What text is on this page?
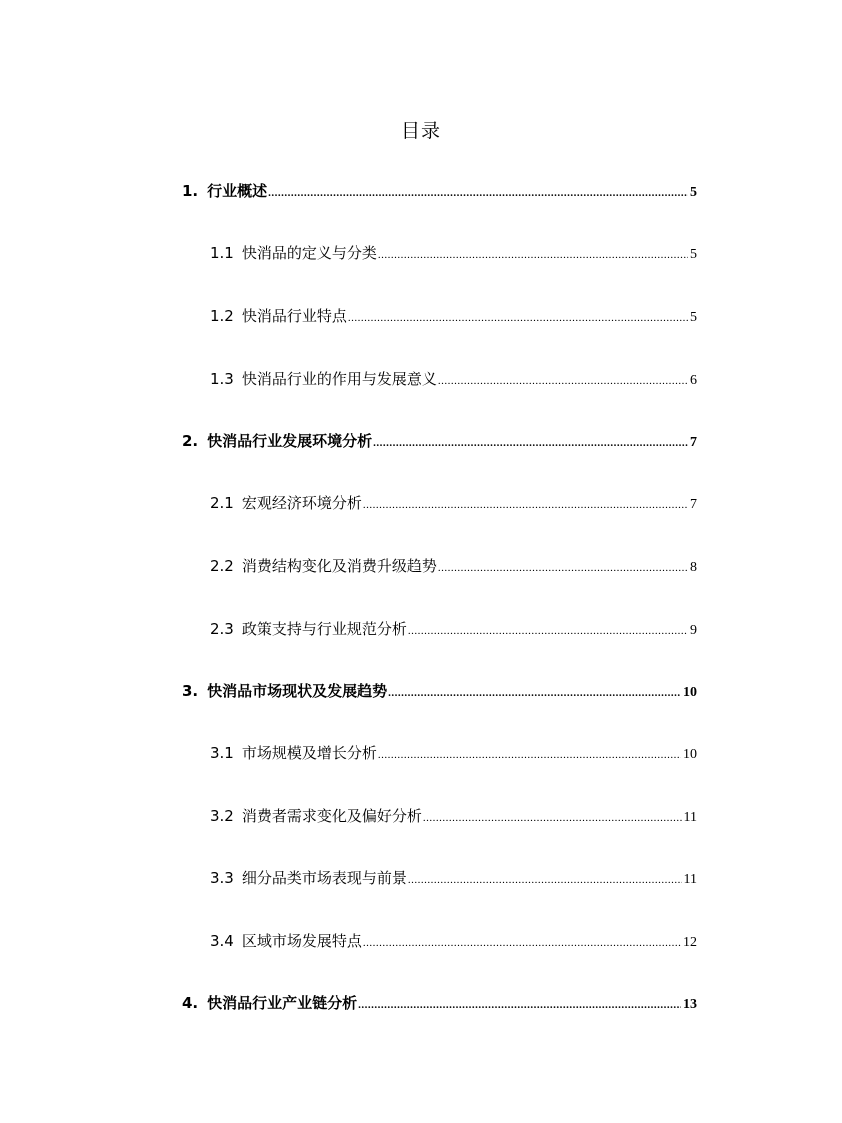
目录
1. 行业概述 .....	5
1.1 快消品的定义与分类 .....	5
1.2 快消品行业特点 .....	5
1.3 快消品行业的作用与发展意义 .....	6
2. 快消品行业发展环境分析 .....	7
2.1 宏观经济环境分析 .....	7
2.2 消费结构变化及消费升级趋势 .....	8
2.3 政策支持与行业规范分析 .....	9
3. 快消品市场现状及发展趋势 .....	10
3.1 市场规模及增长分析 .....	10
3.2 消费者需求变化及偏好分析 .....	11
3.3 细分品类市场表现与前景 .....	11
3.4 区域市场发展特点 .....	12
4. 快消品行业产业链分析 .....	13
